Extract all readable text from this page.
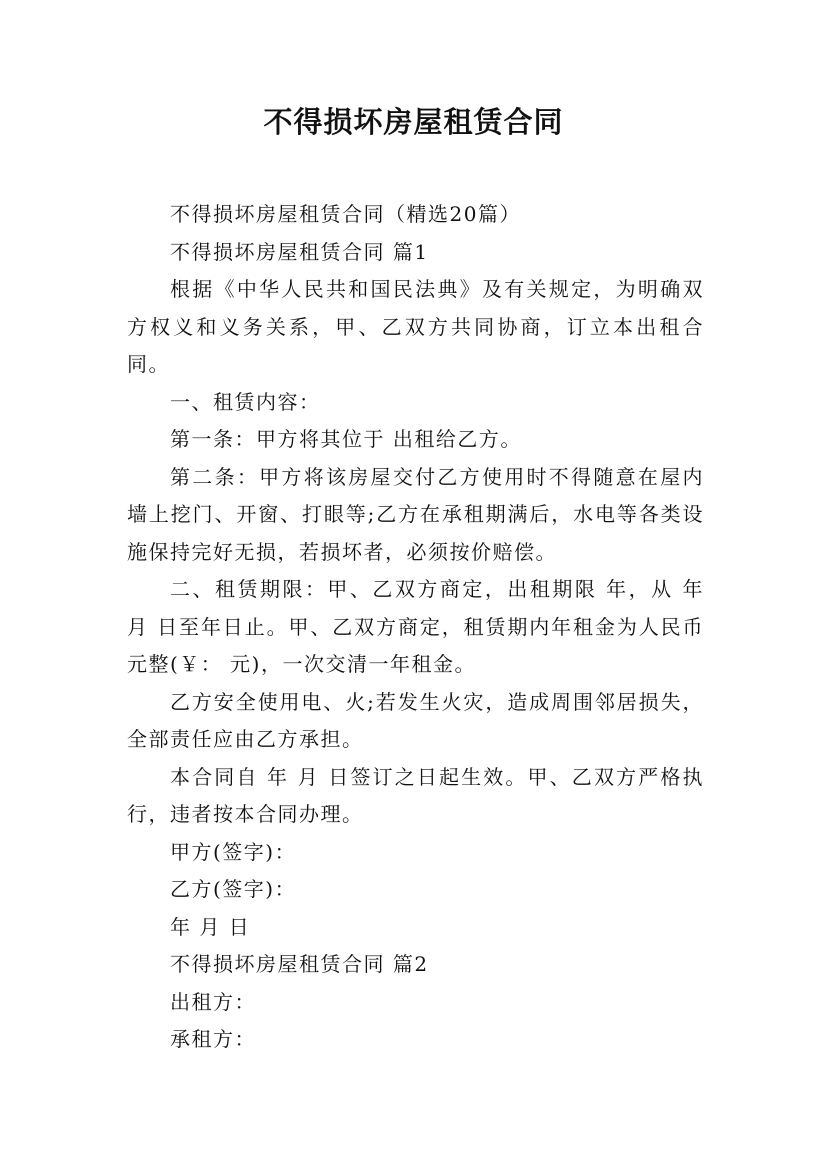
不得损坏房屋租赁合同

不得损坏房屋租赁合同（精选20篇）

不得损坏房屋租赁合同 篇1

根据《中华人民共和国民法典》及有关规定，为明确双方权义和义务关系，甲、乙双方共同协商，订立本出租合同。

一、租赁内容：

第一条：甲方将其位于 出租给乙方。

第二条：甲方将该房屋交付乙方使用时不得随意在屋内墙上挖门、开窗、打眼等;乙方在承租期满后，水电等各类设施保持完好无损，若损坏者，必须按价赔偿。

二、租赁期限：甲、乙双方商定，出租期限 年，从 年 月 日至年日止。甲、乙双方商定，租赁期内年租金为人民币 元整(￥： 元)，一次交清一年租金。

乙方安全使用电、火;若发生火灾，造成周围邻居损失，全部责任应由乙方承担。

本合同自 年 月 日签订之日起生效。甲、乙双方严格执行，违者按本合同办理。

甲方(签字)：

乙方(签字)：

年 月 日

不得损坏房屋租赁合同 篇2

出租方：

承租方：
